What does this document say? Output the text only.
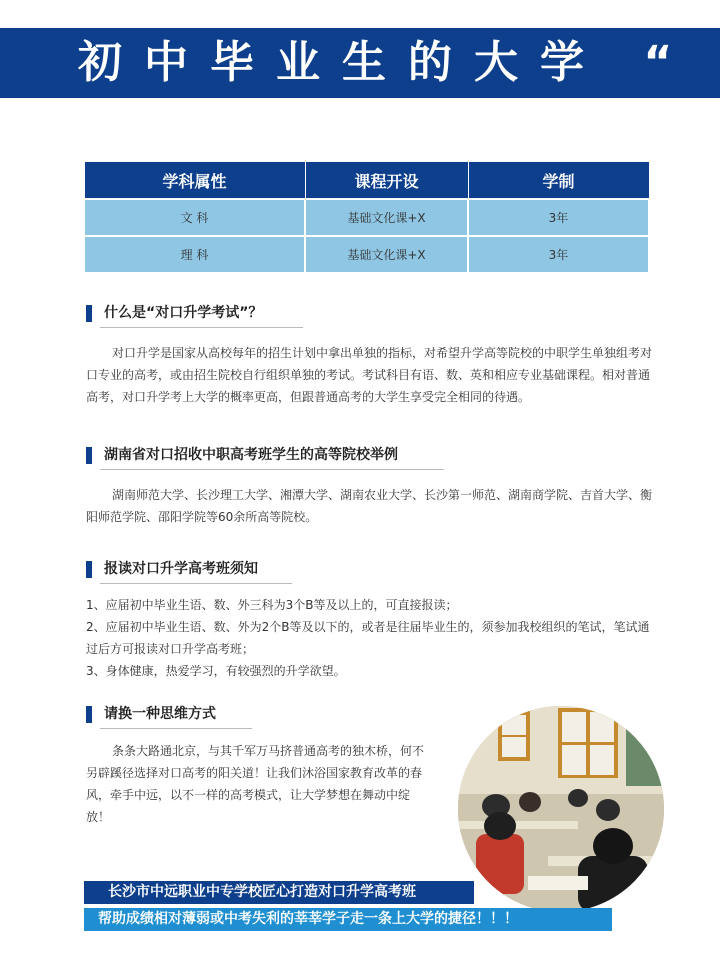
初中毕业生的大学 “
学科属性	课程开设	学制
文 科	基础文化课+X	3年
理 科	基础文化课+X	3年
什么是“对口升学考试”？

对口升学是国家从高校每年的招生计划中拿出单独的指标，对希望升学高等院校的中职学生单独组考对口专业的高考，或由招生院校自行组织单独的考试。考试科目有语、数、英和相应专业基础课程。相对普通高考，对口升学考上大学的概率更高，但跟普通高考的大学生享受完全相同的待遇。

湖南省对口招收中职高考班学生的高等院校举例

湖南师范大学、长沙理工大学、湘潭大学、湖南农业大学、长沙第一师范、湖南商学院、吉首大学、衡阳师范学院、邵阳学院等60余所高等院校。

报读对口升学高考班须知

1、应届初中毕业生语、数、外三科为3个B等及以上的，可直接报读；

2、应届初中毕业生语、数、外为2个B等及以下的，或者是往届毕业生的，须参加我校组织的笔试，笔试通过后方可报读对口升学高考班；

3、身体健康，热爱学习，有较强烈的升学欲望。

请换一种思维方式

条条大路通北京，与其千军万马挤普通高考的独木桥，何不另辟蹊径选择对口高考的阳关道！让我们沐浴国家教育改革的春风，牵手中远，以不一样的高考模式，让大学梦想在舞动中绽放！

长沙市中远职业中专学校匠心打造对口升学高考班
帮助成绩相对薄弱或中考失利的莘莘学子走一条上大学的捷径！！！
